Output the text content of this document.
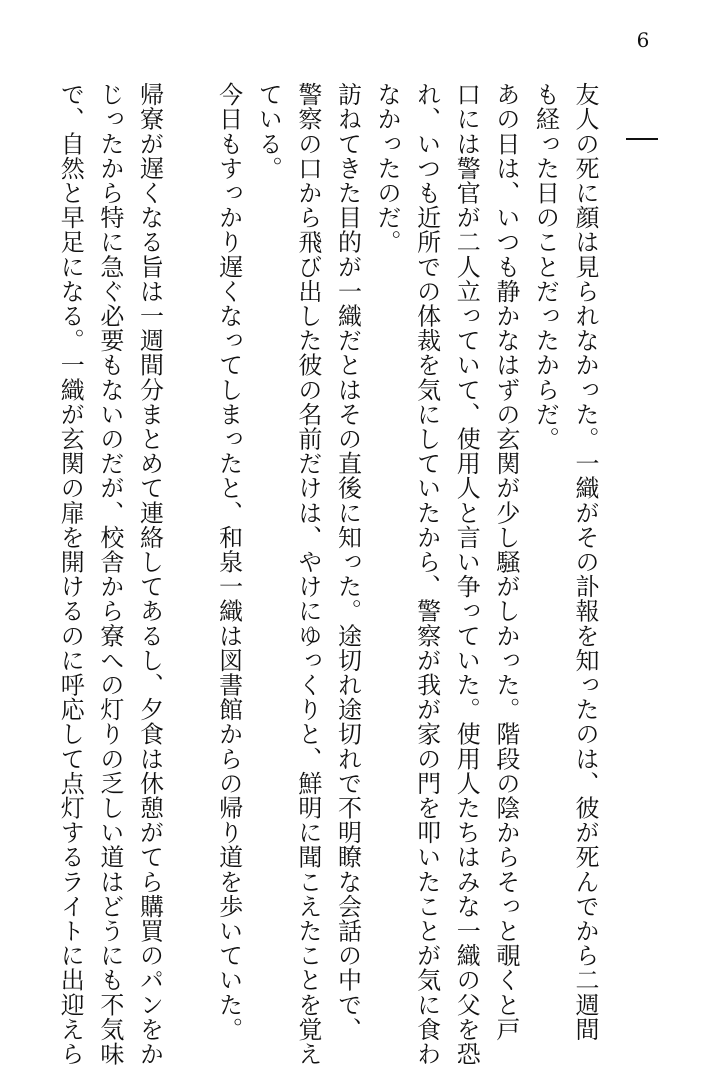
6

友人の死に顔は見られなかった。一織がその訃報を知ったのは、彼が死んでから二週間

も経った日のことだったからだ。

あの日は、いつも静かなはずの玄関が少し騒がしかった。階段の陰からそっと覗くと戸

口には警官が二人立っていて、使用人と言い争っていた。使用人たちはみな一織の父を恐

れ、いつも近所での体裁を気にしていたから、警察が我が家の門を叩いたことが気に食わ

なかったのだ。

訪ねてきた目的が一織だとはその直後に知った。途切れ途切れで不明瞭な会話の中で、

警察の口から飛び出した彼の名前だけは、やけにゆっくりと、鮮明に聞こえたことを覚え

ている。

今日もすっかり遅くなってしまったと、和泉一織は図書館からの帰り道を歩いていた。

帰寮が遅くなる旨は一週間分まとめて連絡してあるし、夕食は休憩がてら購買のパンをか

じったから特に急ぐ必要もないのだが、校舎から寮への灯りの乏しい道はどうにも不気味

で、自然と早足になる。一織が玄関の扉を開けるのに呼応して点灯するライトに出迎えら
